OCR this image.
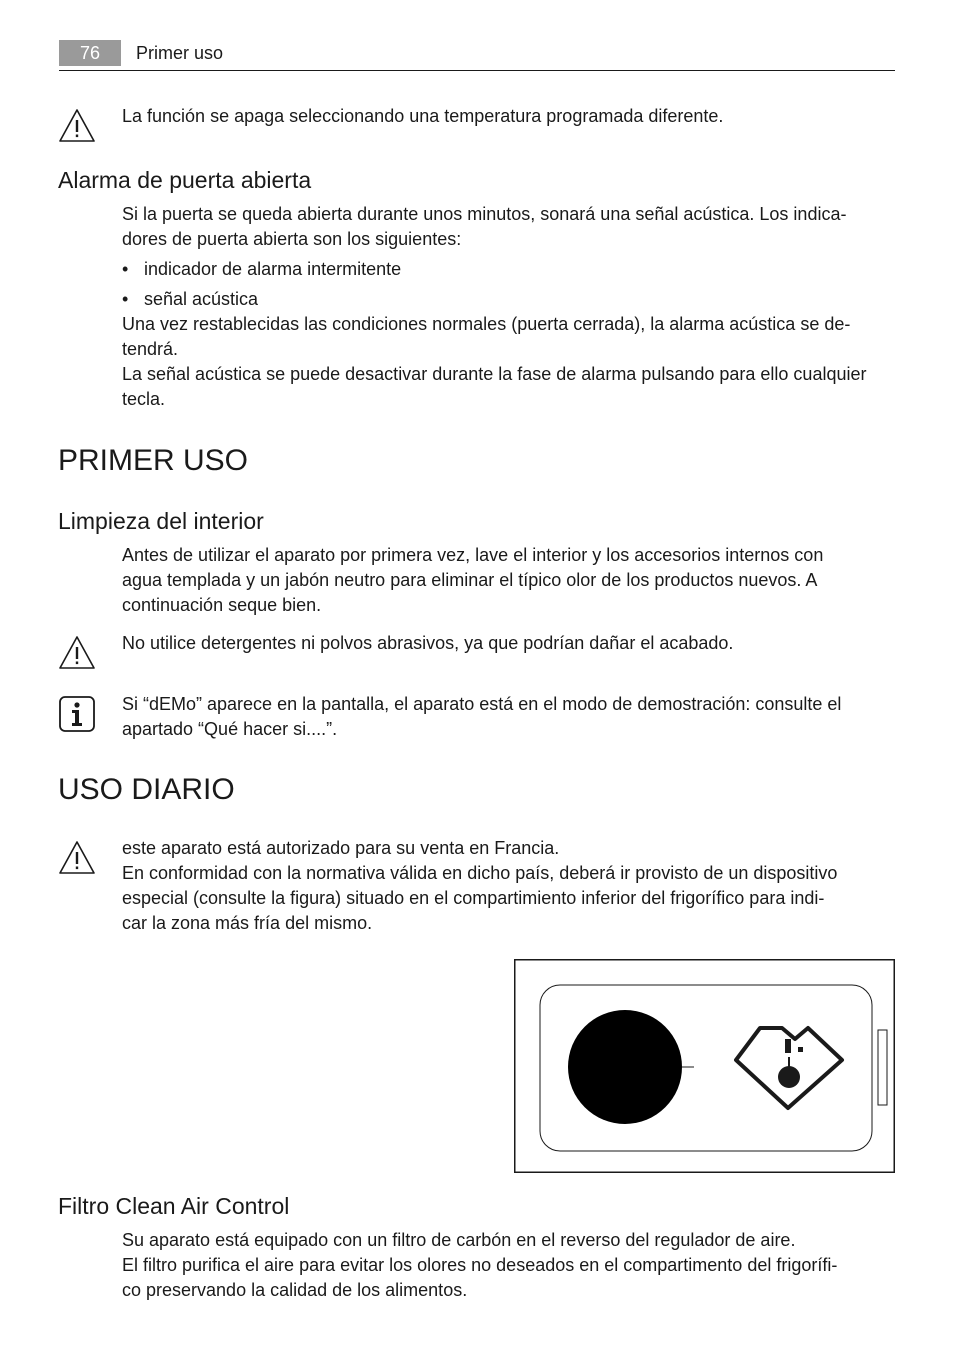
76	Primer uso

La función se apaga seleccionando una temperatura programada diferente.

Alarma de puerta abierta

Si la puerta se queda abierta durante unos minutos, sonará una señal acústica. Los indica-

dores de puerta abierta son los siguientes:

• indicador de alarma intermitente
• señal acústica

Una vez restablecidas las condiciones normales (puerta cerrada), la alarma acústica se de-

tendrá.

La señal acústica se puede desactivar durante la fase de alarma pulsando para ello cualquier

tecla.

PRIMER USO
Limpieza del interior

Antes de utilizar el aparato por primera vez, lave el interior y los accesorios internos con

agua templada y un jabón neutro para eliminar el típico olor de los productos nuevos. A

continuación seque bien.

No utilice detergentes ni polvos abrasivos, ya que podrían dañar el acabado.

Si “dEMo” aparece en la pantalla, el aparato está en el modo de demostración: consulte el

apartado “Qué hacer si....”.

USO DIARIO

este aparato está autorizado para su venta en Francia.

En conformidad con la normativa válida en dicho país, deberá ir provisto de un dispositivo

especial (consulte la figura) situado en el compartimiento inferior del frigorífico para indi-

car la zona más fría del mismo.

Filtro Clean Air Control

Su aparato está equipado con un filtro de carbón en el reverso del regulador de aire.

El filtro purifica el aire para evitar los olores no deseados en el compartimento del frigorífi-

co preservando la calidad de los alimentos.
